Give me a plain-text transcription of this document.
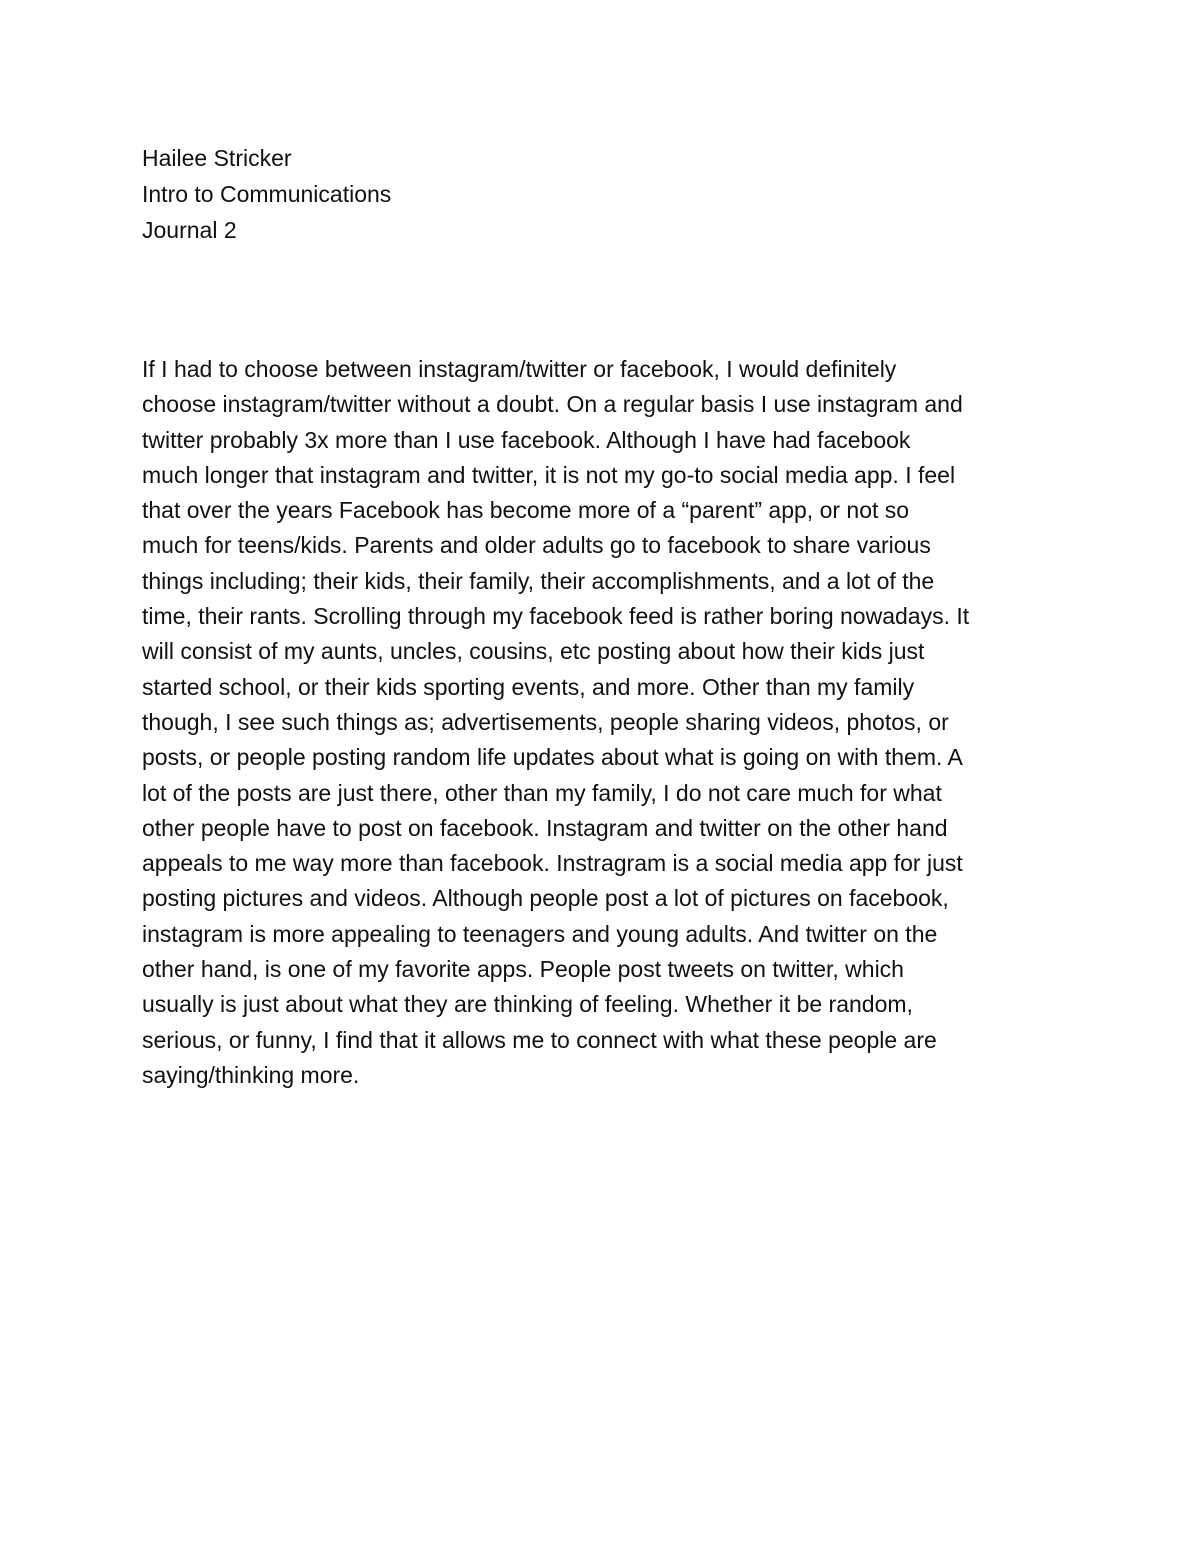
Hailee Stricker
Intro to Communications
Journal 2
If I had to choose between instagram/twitter or facebook, I would definitely
choose instagram/twitter without a doubt. On a regular basis I use instagram and
twitter probably 3x more than I use facebook. Although I have had facebook
much longer that instagram and twitter, it is not my go-to social media app. I feel
that over the years Facebook has become more of a “parent” app, or not so
much for teens/kids. Parents and older adults go to facebook to share various
things including; their kids, their family, their accomplishments, and a lot of the
time, their rants. Scrolling through my facebook feed is rather boring nowadays. It
will consist of my aunts, uncles, cousins, etc posting about how their kids just
started school, or their kids sporting events, and more. Other than my family
though, I see such things as; advertisements, people sharing videos, photos, or
posts, or people posting random life updates about what is going on with them. A
lot of the posts are just there, other than my family, I do not care much for what
other people have to post on facebook. Instagram and twitter on the other hand
appeals to me way more than facebook. Instragram is a social media app for just
posting pictures and videos. Although people post a lot of pictures on facebook,
instagram is more appealing to teenagers and young adults. And twitter on the
other hand, is one of my favorite apps. People post tweets on twitter, which
usually is just about what they are thinking of feeling. Whether it be random,
serious, or funny, I find that it allows me to connect with what these people are
saying/thinking more.
